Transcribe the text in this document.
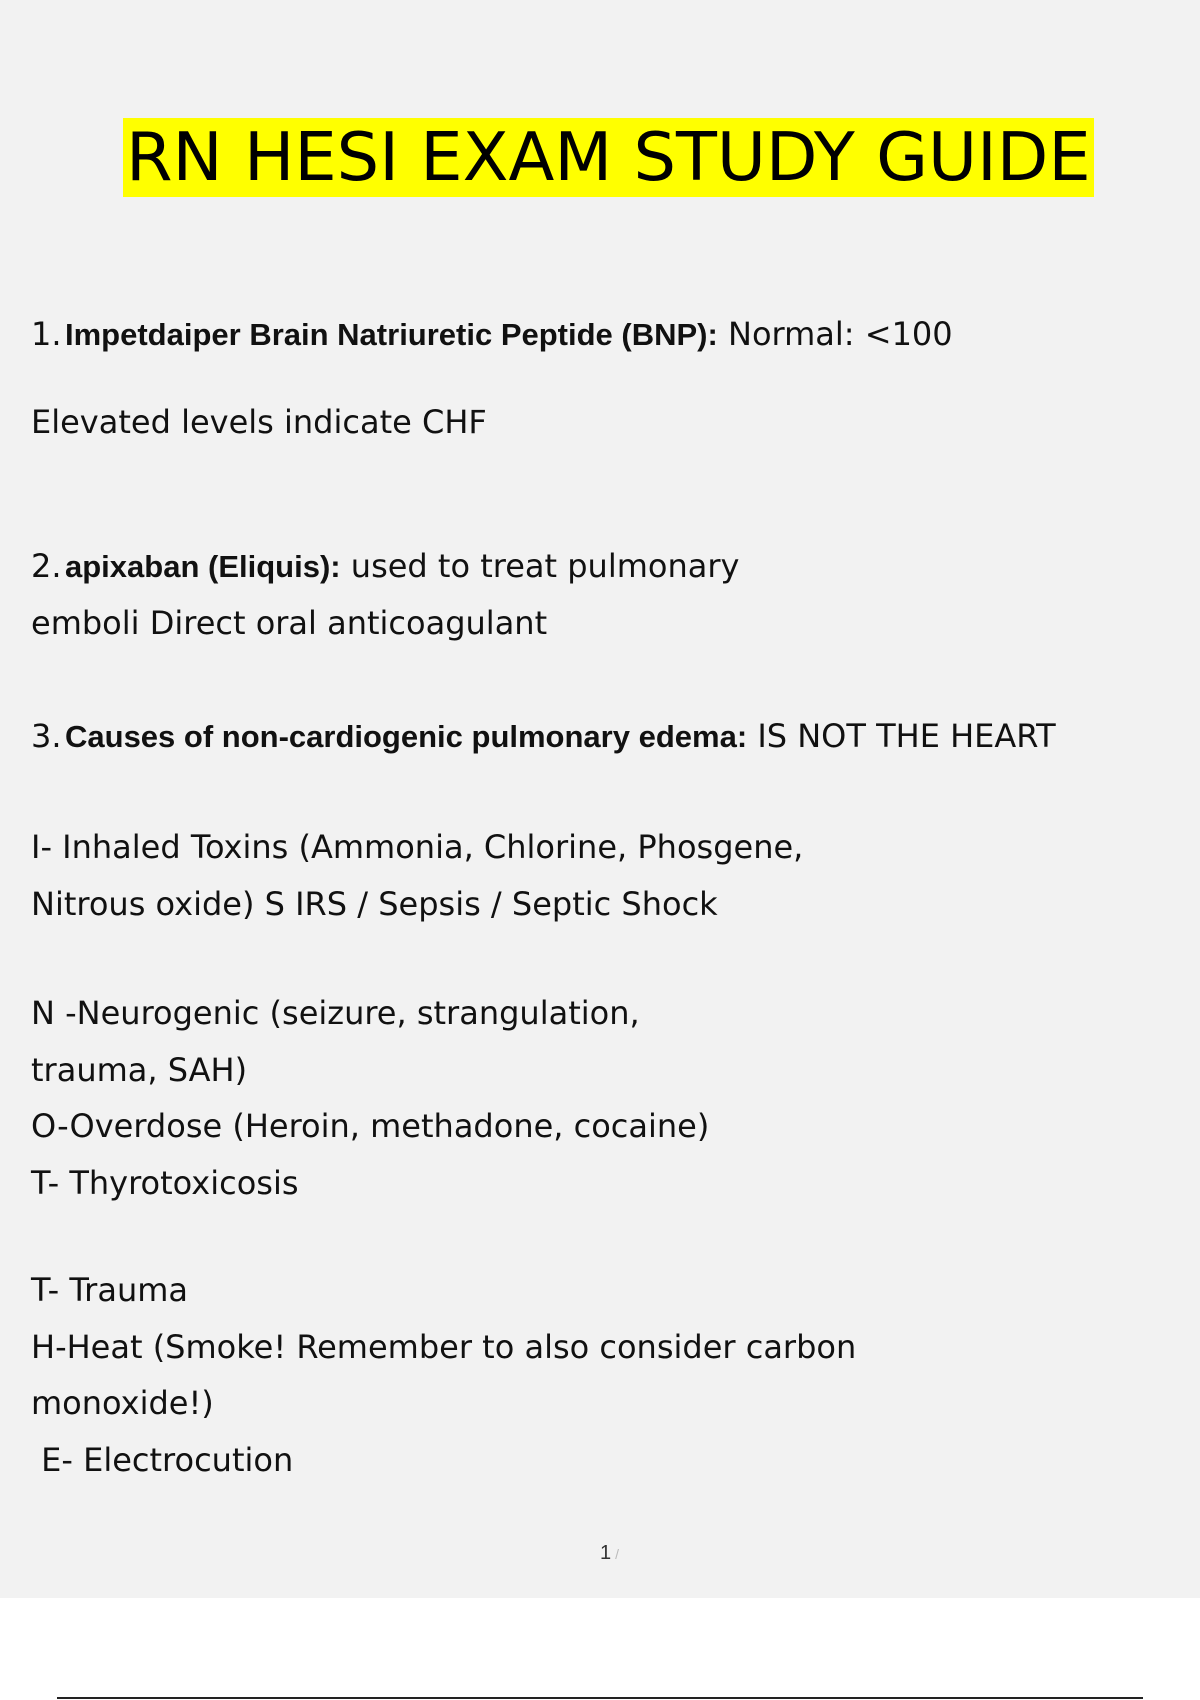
RN HESI EXAM STUDY GUIDE
1. Impetdaiper Brain Natriuretic Peptide (BNP): Normal: <100
Elevated levels indicate CHF
2. apixaban (Eliquis): used to treat pulmonary
emboli Direct oral anticoagulant
3. Causes of non-cardiogenic pulmonary edema: IS NOT THE HEART
I- Inhaled Toxins (Ammonia, Chlorine, Phosgene,
Nitrous oxide) S IRS / Sepsis / Septic Shock
N -Neurogenic (seizure, strangulation,
trauma, SAH)
O-Overdose (Heroin, methadone, cocaine)
T- Thyrotoxicosis
T- Trauma
H-Heat (Smoke! Remember to also consider carbon
monoxide!)
E- Electrocution
1 /
